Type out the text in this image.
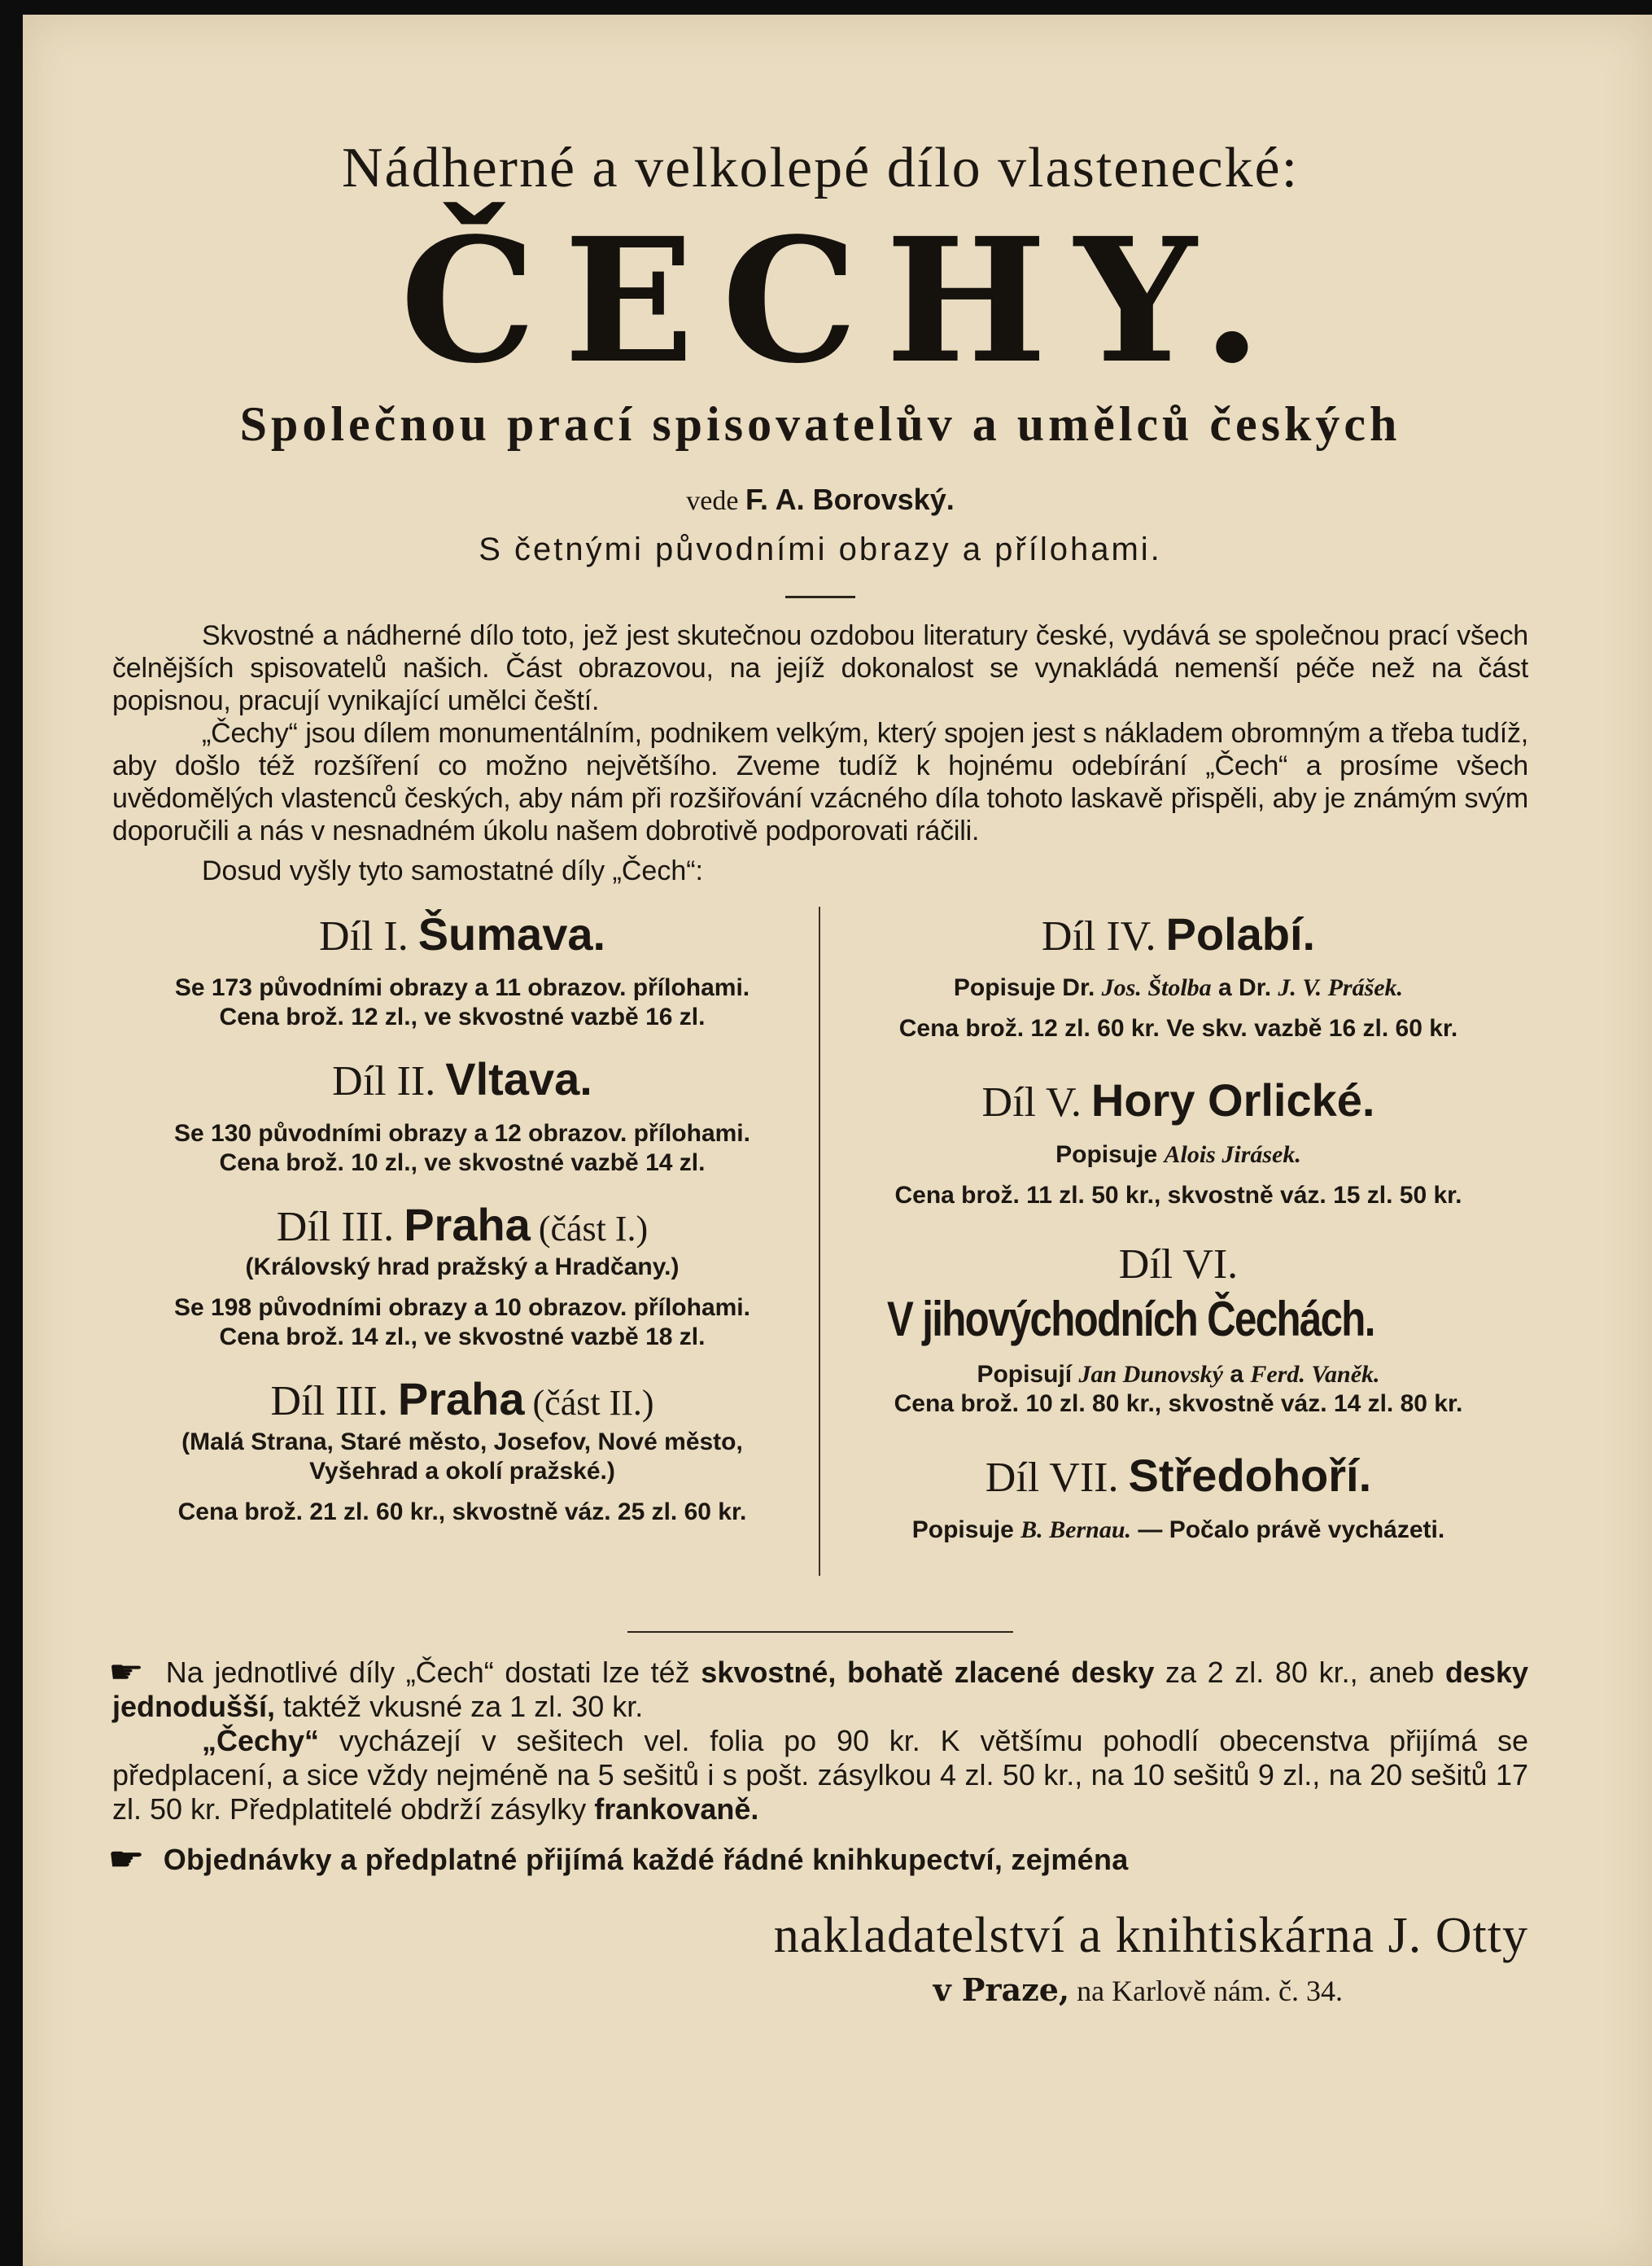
Nádherné a velkolepé dílo vlastenecké:
ČECHY.
Společnou prací spisovatelův a umělců českých
vede F. A. Borovský.
S četnými původními obrazy a přílohami.

Skvostné a nádherné dílo toto, jež jest skutečnou ozdobou literatury české, vydává se společnou prací všech čelnějších spisovatelů našich. Část obrazovou, na jejíž dokonalost se vynakládá nemenší péče než na část popisnou, pracují vynikající umělci čeští.

„Čechy“ jsou dílem monumentálním, podnikem velkým, který spojen jest s nákladem obromným a třeba tudíž, aby došlo též rozšíření co možno největšího. Zveme tudíž k hojnému odebírání „Čech“ a prosíme všech uvědomělých vlastenců českých, aby nám při rozšiřování vzácného díla tohoto laskavě přispěli, aby je známým svým doporučili a nás v nesnadném úkolu našem dobrotivě podporovati ráčili.

Dosud vyšly tyto samostatné díly „Čech“:
Díl I. Šumava.

Se 173 původními obrazy a 11 obrazov. přílohami.

Cena brož. 12 zl., ve skvostné vazbě 16 zl.

Díl II. Vltava.

Se 130 původními obrazy a 12 obrazov. přílohami.

Cena brož. 10 zl., ve skvostné vazbě 14 zl.

Díl III. Praha (část I.)

(Královský hrad pražský a Hradčany.)

Se 198 původními obrazy a 10 obrazov. přílohami.

Cena brož. 14 zl., ve skvostné vazbě 18 zl.

Díl III. Praha (část II.)

(Malá Strana, Staré město, Josefov, Nové město,

Vyšehrad a okolí pražské.)

Cena brož. 21 zl. 60 kr., skvostně váz. 25 zl. 60 kr.

Díl IV. Polabí.

Popisuje Dr. Jos. Štolba a Dr. J. V. Prášek.

Cena brož. 12 zl. 60 kr. Ve skv. vazbě 16 zl. 60 kr.

Díl V. Hory Orlické.

Popisuje Alois Jirásek.

Cena brož. 11 zl. 50 kr., skvostně váz. 15 zl. 50 kr.

Díl VI.V jihovýchodních Čechách.

Popisují Jan Dunovský a Ferd. Vaněk.

Cena brož. 10 zl. 80 kr., skvostně váz. 14 zl. 80 kr.

Díl VII. Středohoří.

Popisuje B. Bernau. — Počalo právě vycházeti.

☛ Na jednotlivé díly „Čech“ dostati lze též skvostné, bohatě zlacené desky za 2 zl. 80 kr., aneb desky jednodušší, taktéž vkusné za 1 zl. 30 kr.

„Čechy“ vycházejí v sešitech vel. folia po 90 kr. K většímu pohodlí obecenstva přijímá se předplacení, a sice vždy nejméně na 5 sešitů i s pošt. zásylkou 4 zl. 50 kr., na 10 sešitů 9 zl., na 20 sešitů 17 zl. 50 kr. Předplatitelé obdrží zásylky frankovaně.

☛ Objednávky a předplatné přijímá každé řádné knihkupectví, zejména
nakladatelství a knihtiskárna J. Otty
v Praze, na Karlově nám. č. 34.
